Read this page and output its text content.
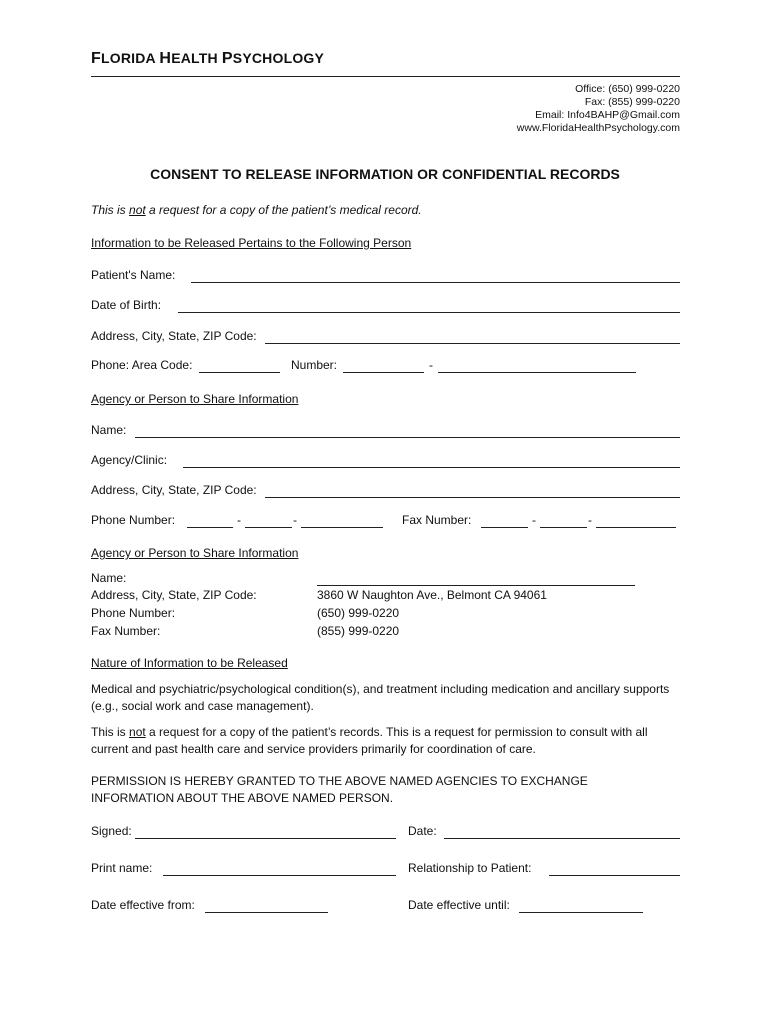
FLORIDA HEALTH PSYCHOLOGY
Office: (650) 999-0220
Fax: (855) 999-0220
Email: Info4BAHP@Gmail.com
www.FloridaHealthPsychology.com
CONSENT TO RELEASE INFORMATION OR CONFIDENTIAL RECORDS
This is not a request for a copy of the patient’s medical record.
Information to be Released Pertains to the Following Person
Patient's Name:
Date of Birth:
Address, City, State, ZIP Code:
Phone: Area Code:	Number:	-
Agency or Person to Share Information
Name:
Agency/Clinic:
Address, City, State, ZIP Code:
Phone Number:	-	-	Fax Number:	-	-
Agency or Person to Share Information
Name:
Address, City, State, ZIP Code:	3860 W Naughton Ave., Belmont CA 94061
Phone Number:	(650) 999-0220
Fax Number:	(855) 999-0220
Nature of Information to be Released
Medical and psychiatric/psychological condition(s), and treatment including medication and ancillary supports (e.g., social work and case management).
This is not a request for a copy of the patient’s records. This is a request for permission to consult with all current and past health care and service providers primarily for coordination of care.
PERMISSION IS HEREBY GRANTED TO THE ABOVE NAMED AGENCIES TO EXCHANGE INFORMATION ABOUT THE ABOVE NAMED PERSON.
Signed:	Date:
Print name:	Relationship to Patient:
Date effective from:	Date effective until:
